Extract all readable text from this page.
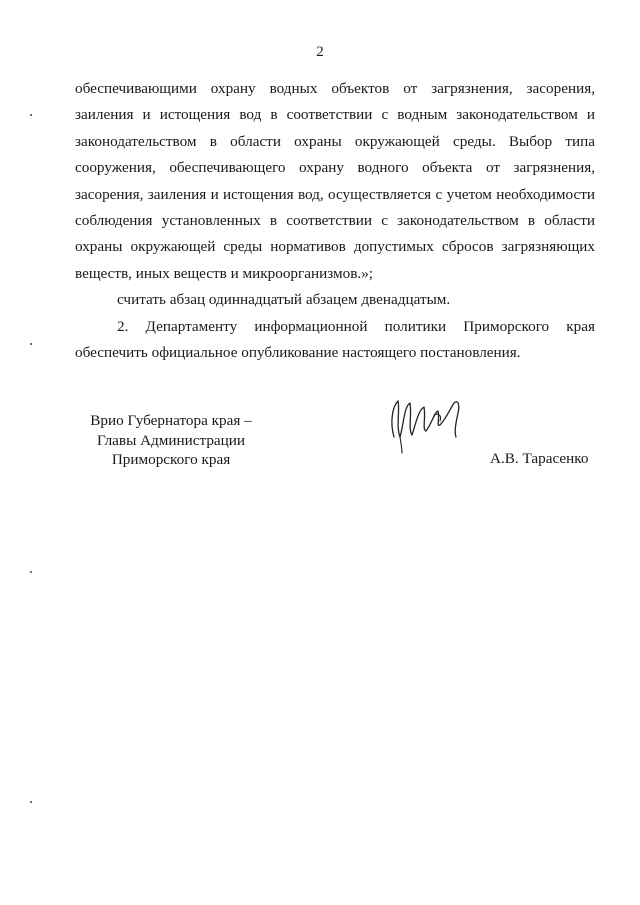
2

обеспечивающими охрану водных объектов от загрязнения, засорения, заиления и истощения вод в соответствии с водным законодательством и законодательством в области охраны окружающей среды. Выбор типа сооружения, обеспечивающего охрану водного объекта от загрязнения, засорения, заиления и истощения вод, осуществляется с учетом необходимости соблюдения установленных в соответствии с законодательством в области охраны окружающей среды нормативов допустимых сбросов загрязняющих веществ, иных веществ и микроорганизмов.»;

считать абзац одиннадцатый абзацем двенадцатым.

2. Департаменту информационной политики Приморского края обеспечить официальное опубликование настоящего постановления.

Врио Губернатора края –
Главы Администрации
Приморского края	А.В. Тарасенко
